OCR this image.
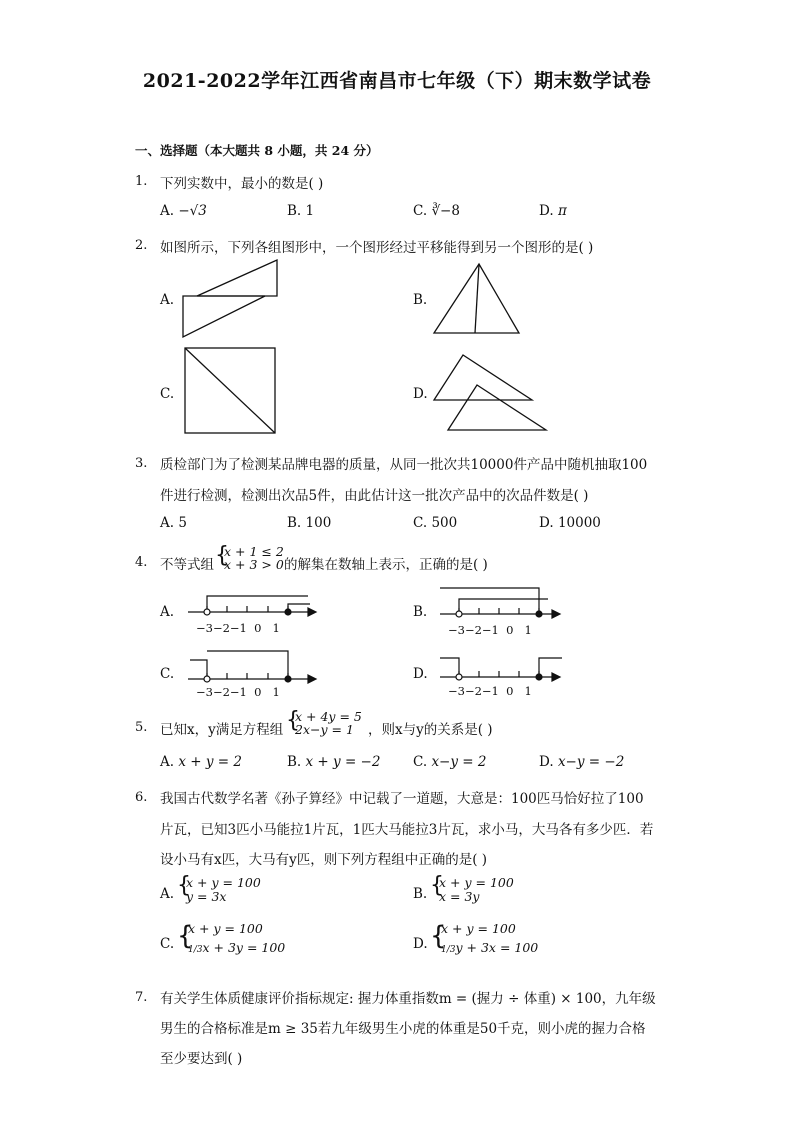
2021-2022学年江西省南昌市七年级（下）期末数学试卷
一、选择题（本大题共 8 小题，共 24 分）
1. 下列实数中，最小的数是( )
A. −√3	B. 1	C. ∛−8	D. π
2. 如图所示，下列各组图形中，一个图形经过平移能得到另一个图形的是( )
A.	B.
C.	D.
3. 质检部门为了检测某品牌电器的质量，从同一批次共10000件产品中随机抽取100
件进行检测，检测出次品5件，由此估计这一批次产品中的次品件数是( )
A. 5	B. 100	C. 500	D. 10000
4. 不等式组 {
x + 1 ≤ 2
x + 3 > 0 的解集在数轴上表示，正确的是( )
A.	B.
C.	D.
−3−2−1 0 1	−3−2−1 0 1
−3−2−1 0 1	−3−2−1 0 1
5. 已知x，y满足方程组 {
x + 4y = 5
2x−y = 1 ，则x与y的关系是( )
A. x + y = 2	B. x + y = −2 C. x−y = 2	D. x−y = −2
6. 我国古代数学名著《孙子算经》中记载了一道题，大意是：100匹马恰好拉了100
片瓦，已知3匹小马能拉1片瓦，1匹大马能拉3片瓦，求小马，大马各有多少匹．若
设小马有x匹，大马有y匹，则下列方程组中正确的是( )
A. {
x + y = 100
y = 3x	B. {
x + y = 100
x = 3y
C. {
x + y = 100
1/3x + 3y = 100	D. {
x + y = 100
1/3y + 3x = 100
7. 有关学生体质健康评价指标规定: 握力体重指数m = (握力 ÷ 体重) × 100，九年级
男生的合格标准是m ≥ 35若九年级男生小虎的体重是50千克，则小虎的握力合格
至少要达到( )
